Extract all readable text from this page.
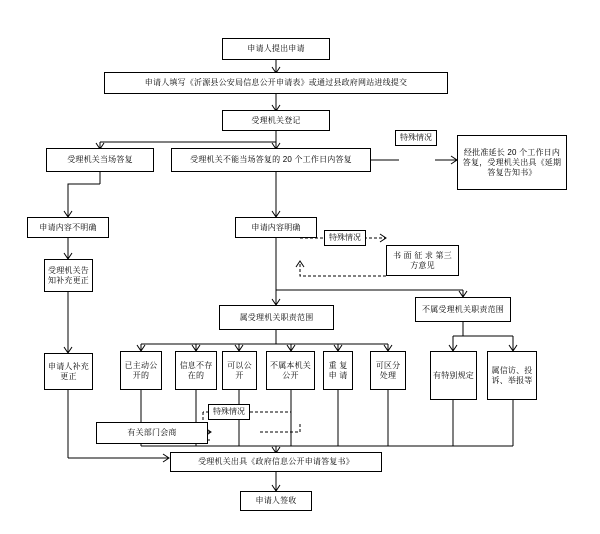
申请人提出申请
申请人填写《沂源县公安局信息公开申请表》或通过县政府网站进线提交
受理机关登记
受理机关当场答复	受理机关不能当场答复的 20 个工作日内答复
经批准延长 20 个工作日内答复，受理机关出具《延期答复告知书》
申请内容不明确	申请内容明确
书 面 征 求 第三方意见
受理机关告知补充更正
申请人补充更正
属受理机关职责范围
不属受理机关职责范围
已主动公开的
信息不存在的
可以公开
不属本机关公开
重 复 申 请
可区分处理	有特别规定
属信访、投诉、举报等
有关部门会商
受理机关出具《政府信息公开申请答复书》
申请人签收
特殊情况
特殊情况
特殊情况
